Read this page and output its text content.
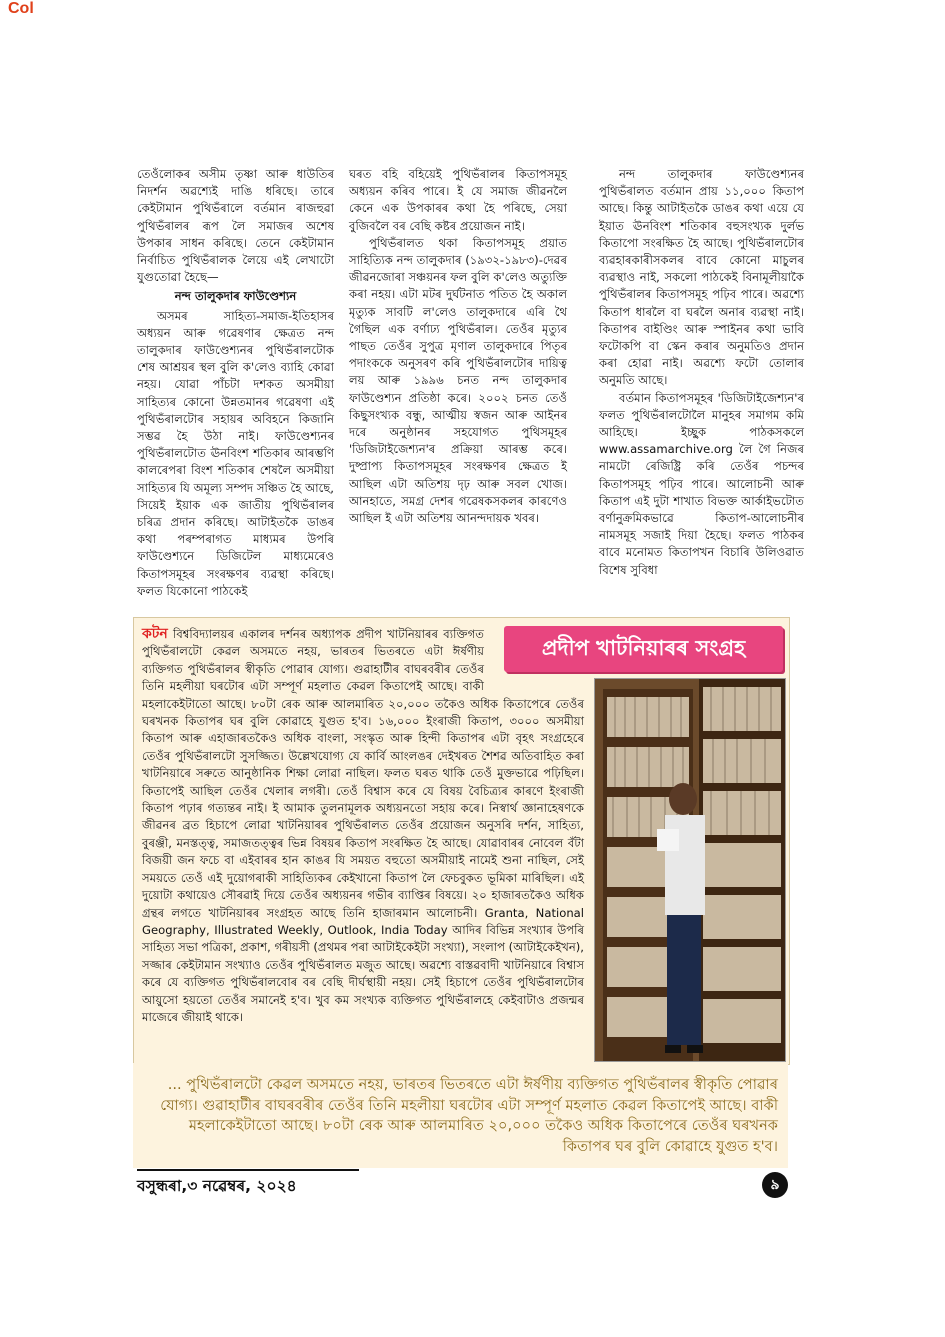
Col

তেওঁলোকৰ অসীম তৃষ্ণা আৰু ধাউতিৰ নিদৰ্শন অৱশ্যেই দাঙি ধৰিছে। তাৰে কেইটামান পুথিভঁৰালে বৰ্তমান ৰাজহুৱা পুথিভঁৰালৰ ৰূপ লৈ সমাজৰ অশেষ উপকাৰ সাধন কৰিছে। তেনে কেইটামান নিৰ্বাচিত পুথিভঁৰালক লৈয়ে এই লেখাটো যুগুতোৱা হৈছে—

নন্দ তালুকদাৰ ফাউণ্ডেশ্যন

অসমৰ সাহিত্য-সমাজ-ইতিহাসৰ অধ্যয়ন আৰু গৱেষণাৰ ক্ষেত্ৰত নন্দ তালুকদাৰ ফাউণ্ডেশ্যনৰ পুথিভঁৰালটোক শেষ আশ্ৰয়ৰ স্থল বুলি ক'লেও ব্যাহি কোৱা নহয়। যোৱা পাঁচটা দশকত অসমীয়া সাহিত্যৰ কোনো উন্নতমানৰ গৱেষণা এই পুথিভঁৰালটোৰ সহায়ৰ অবিহনে কিজানি সম্ভৱ হৈ উঠা নাই। ফাউণ্ডেশ্যনৰ পুথিভঁৰালটোত ঊনবিংশ শতিকাৰ আৰম্ভণি কালৰেপৰা বিংশ শতিকাৰ শেষলৈ অসমীয়া সাহিত্যৰ যি অমূল্য সম্পদ সঞ্চিত হৈ আছে, সিয়েই ইয়াক এক জাতীয় পুথিভঁৰালৰ চৰিত্ৰ প্ৰদান কৰিছে। আটাইতকৈ ডাঙৰ কথা পৰম্পৰাগত মাধ্যমৰ উপৰি ফাউণ্ডেশ্যনে ডিজিটেল মাধ্যমেৰেও কিতাপসমূহৰ সংৰক্ষণৰ ব্যৱস্থা কৰিছে। ফলত যিকোনো পাঠকেই

ঘৰত বহি বহিয়েই পুথিভঁৰালৰ কিতাপসমূহ অধ্যয়ন কৰিব পাৰে। ই যে সমাজ জীৱনলৈ কেনে এক উপকাৰৰ কথা হৈ পৰিছে, সেয়া বুজিবলৈ বৰ বেছি কষ্টৰ প্ৰয়োজন নাই।

পুথিভঁৰালত থকা কিতাপসমূহ প্ৰয়াত সাহিত্যিক নন্দ তালুকদাৰ (১৯৩২-১৯৮৩)-দেৱৰ জীৱনজোৰা সঞ্চয়নৰ ফল বুলি ক'লেও অত্যুক্তি কৰা নহয়। এটা মটৰ দুৰ্ঘটনাত পতিত হৈ অকাল মৃত্যুক সাবটি ল'লেও তালুকদাৰে এৰি থৈ গৈছিল এক বৰ্ণাঢ্য পুথিভঁৰাল। তেওঁৰ মৃত্যুৰ পাছত তেওঁৰ সুপুত্ৰ মৃণাল তালুকদাৰে পিতৃৰ পদাংককে অনুসৰণ কৰি পুথিভঁৰালটোৰ দায়িত্ব লয় আৰু ১৯৯৬ চনত নন্দ তালুকদাৰ ফাউণ্ডেশ্যন প্ৰতিষ্ঠা কৰে। ২০০২ চনত তেওঁ কিছুসংখ্যক বন্ধু, আত্মীয় স্বজন আৰু আইনৰ দৰে অনুষ্ঠানৰ সহযোগত পুথিসমূহৰ 'ডিজিটাইজেশ্যন'ৰ প্ৰক্ৰিয়া আৰম্ভ কৰে। দুষ্প্ৰাপ্য কিতাপসমূহৰ সংৰক্ষণৰ ক্ষেত্ৰত ই আছিল এটা অতিশয় দৃঢ় আৰু সবল খোজ। আনহাতে, সমগ্ৰ দেশৰ গৱেষকসকলৰ কাৰণেও আছিল ই এটা অতিশয় আনন্দদায়ক খবৰ।

নন্দ তালুকদাৰ ফাউণ্ডেশ্যনৰ পুথিভঁৰালত বৰ্তমান প্ৰায় ১১,০০০ কিতাপ আছে। কিন্তু আটাইতকৈ ডাঙৰ কথা এয়ে যে ইয়াত ঊনবিংশ শতিকাৰ বহুসংখ্যক দুৰ্লভ কিতাপো সংৰক্ষিত হৈ আছে। পুথিভঁৰালটোৰ ব্যৱহাৰকাৰীসকলৰ বাবে কোনো মাচুলৰ ব্যৱস্থাও নাই, সকলো পাঠকেই বিনামূলীয়াকৈ পুথিভঁৰালৰ কিতাপসমূহ পঢ়িব পাৰে। অৱশ্যে কিতাপ ধাৰলৈ বা ঘৰলৈ অনাৰ ব্যৱস্থা নাই। কিতাপৰ বাইণ্ডিং আৰু স্পাইনৰ কথা ভাবি ফটোকপি বা স্কেন কৰাৰ অনুমতিও প্ৰদান কৰা হোৱা নাই। অৱশ্যে ফটো তোলাৰ অনুমতি আছে।

বৰ্তমান কিতাপসমূহৰ 'ডিজিটাইজেশ্যন'ৰ ফলত পুথিভঁৰালটোলৈ মানুহৰ সমাগম কমি আহিছে। ইচ্ছুক পাঠকসকলে www.assamarchive.org লৈ গৈ নিজৰ নামটো ৰেজিষ্ট্ৰি কৰি তেওঁৰ পচন্দৰ কিতাপসমূহ পঢ়িব পাৰে। আলোচনী আৰু কিতাপ এই দুটা শাখাত বিভক্ত আৰ্কাইভটোত বৰ্ণানুক্ৰমিকভাৱে কিতাপ-আলোচনীৰ নামসমূহ সজাই দিয়া হৈছে। ফলত পাঠকৰ বাবে মনোমত কিতাপখন বিচাৰি উলিওৱাত বিশেষ সুবিধা

কটন বিশ্ববিদ্যালয়ৰ একালৰ দৰ্শনৰ অধ্যাপক প্ৰদীপ খাটনিয়াৰৰ ব্যক্তিগত পুথিভঁৰালটো কেৱল অসমতে নহয়, ভাৰতৰ ভিতৰতে এটা ঈৰ্ষণীয় ব্যক্তিগত পুথিভঁৰালৰ স্বীকৃতি পোৱাৰ যোগ্য। গুৱাহাটীৰ বাঘৰবৰীৰ তেওঁৰ তিনি মহলীয়া ঘৰটোৰ এটা সম্পূৰ্ণ মহলাত কেৱল কিতাপেই আছে। বাকী মহলাকেইটাতো আছে। ৮০টা ৰেক আৰু আলমাৰিত ২০,০০০ তকৈও অধিক কিতাপেৰে তেওঁৰ ঘৰখনক কিতাপৰ ঘৰ বুলি কোৱাহে যুগুত হ'ব। ১৬,০০০ ইংৰাজী কিতাপ, ৩০০০ অসমীয়া কিতাপ আৰু এহাজাৰতকৈও অধিক বাংলা, সংস্কৃত আৰু হিন্দী কিতাপৰ এটা বৃহৎ সংগ্ৰহেৰে তেওঁৰ পুথিভঁৰালটো সুসজ্জিত। উল্লেখযোগ্য যে কাৰ্বি আংলঙৰ দেইখৰত শৈশৱ অতিবাহিত কৰা খাটনিয়াৰে সৰুতে আনুষ্ঠানিক শিক্ষা লোৱা নাছিল। ফলত ঘৰত থাকি তেওঁ মুক্তভাৱে পঢ়িছিল। কিতাপেই আছিল তেওঁৰ খেলাৰ লগৰী। তেওঁ বিশ্বাস কৰে যে বিষয় বৈচিত্ৰ্যৰ কাৰণে ইংৰাজী কিতাপ পঢ়াৰ গত্যন্তৰ নাই। ই আমাক তুলনামূলক অধ্যয়নতো সহায় কৰে। নিস্বাৰ্থ জ্ঞানাহেষণকে জীৱনৰ ব্ৰত হিচাপে লোৱা খাটনিয়াৰৰ পুথিভঁৰালত তেওঁৰ প্ৰয়োজন অনুসৰি দৰ্শন, সাহিত্য, বুৰঞ্জী, মনস্তত্ত্ব, সমাজতত্ত্বৰ ভিন্ন বিষয়ৰ কিতাপ সংৰক্ষিত হৈ আছে। যোৱাবাৰৰ নোবেল বঁটা বিজয়ী জন ফচে বা এইবাৰৰ হান কাঙৰ যি সময়ত বহুতো অসমীয়াই নামেই শুনা নাছিল, সেই সময়তে তেওঁ এই দুয়োগৰাকী সাহিত্যিকৰ কেইখানো কিতাপ লৈ ফেচবুকত ভূমিকা মাৰিছিল। এই দুয়োটা কথায়েও সৌৰৱাই দিয়ে তেওঁৰ অধ্যয়নৰ গভীৰ ব্যাপ্তিৰ বিষয়ে। ২০ হাজাৰতকৈও অধিক গ্ৰন্থৰ লগতে খাটনিয়াৰৰ সংগ্ৰহত আছে তিনি হাজাৰমান আলোচনী। Granta, National Geography, Illustrated Weekly, Outlook, India Today আদিৰ বিভিন্ন সংখ্যাৰ উপৰি সাহিত্য সভা পত্ৰিকা, প্ৰকাশ, গৰীয়সী (প্ৰথমৰ পৰা আটাইকেইটা সংখ্যা), সংলাপ (আটাইকেইখন), সজ্জাৰ কেইটামান সংখ্যাও তেওঁৰ পুথিভঁৰালত মজুত আছে। অৱশ্যে বাস্তৱবাদী খাটনিয়াৰে বিশ্বাস কৰে যে ব্যক্তিগত পুথিভঁৰালবোৰ বৰ বেছি দীৰ্ঘস্থায়ী নহয়। সেই হিচাপে তেওঁৰ পুথিভঁৰালটোৰ আয়ুসো হয়তো তেওঁৰ সমানেই হ'ব। খুব কম সংখ্যক ব্যক্তিগত পুথিভঁৰালহে কেইবাটাও প্ৰজন্মৰ মাজেৰে জীয়াই থাকে।
প্ৰদীপ খাটনিয়াৰৰ সংগ্ৰহ
... পুথিভঁৰালটো কেৱল অসমতে নহয়, ভাৰতৰ ভিতৰতে এটা ঈৰ্ষণীয় ব্যক্তিগত পুথিভঁৰালৰ স্বীকৃতি পোৱাৰ যোগ্য। গুৱাহাটীৰ বাঘৰবৰীৰ তেওঁৰ তিনি মহলীয়া ঘৰটোৰ এটা সম্পূৰ্ণ মহলাত কেৱল কিতাপেই আছে। বাকী মহলাকেইটাতো আছে। ৮০টা ৰেক আৰু আলমাৰিত ২০,০০০ তকৈও অধিক কিতাপেৰে তেওঁৰ ঘৰখনক কিতাপৰ ঘৰ বুলি কোৱাহে যুগুত হ'ব।
বসুন্ধৰা,৩ নৱেম্বৰ, ২০২৪	৯
